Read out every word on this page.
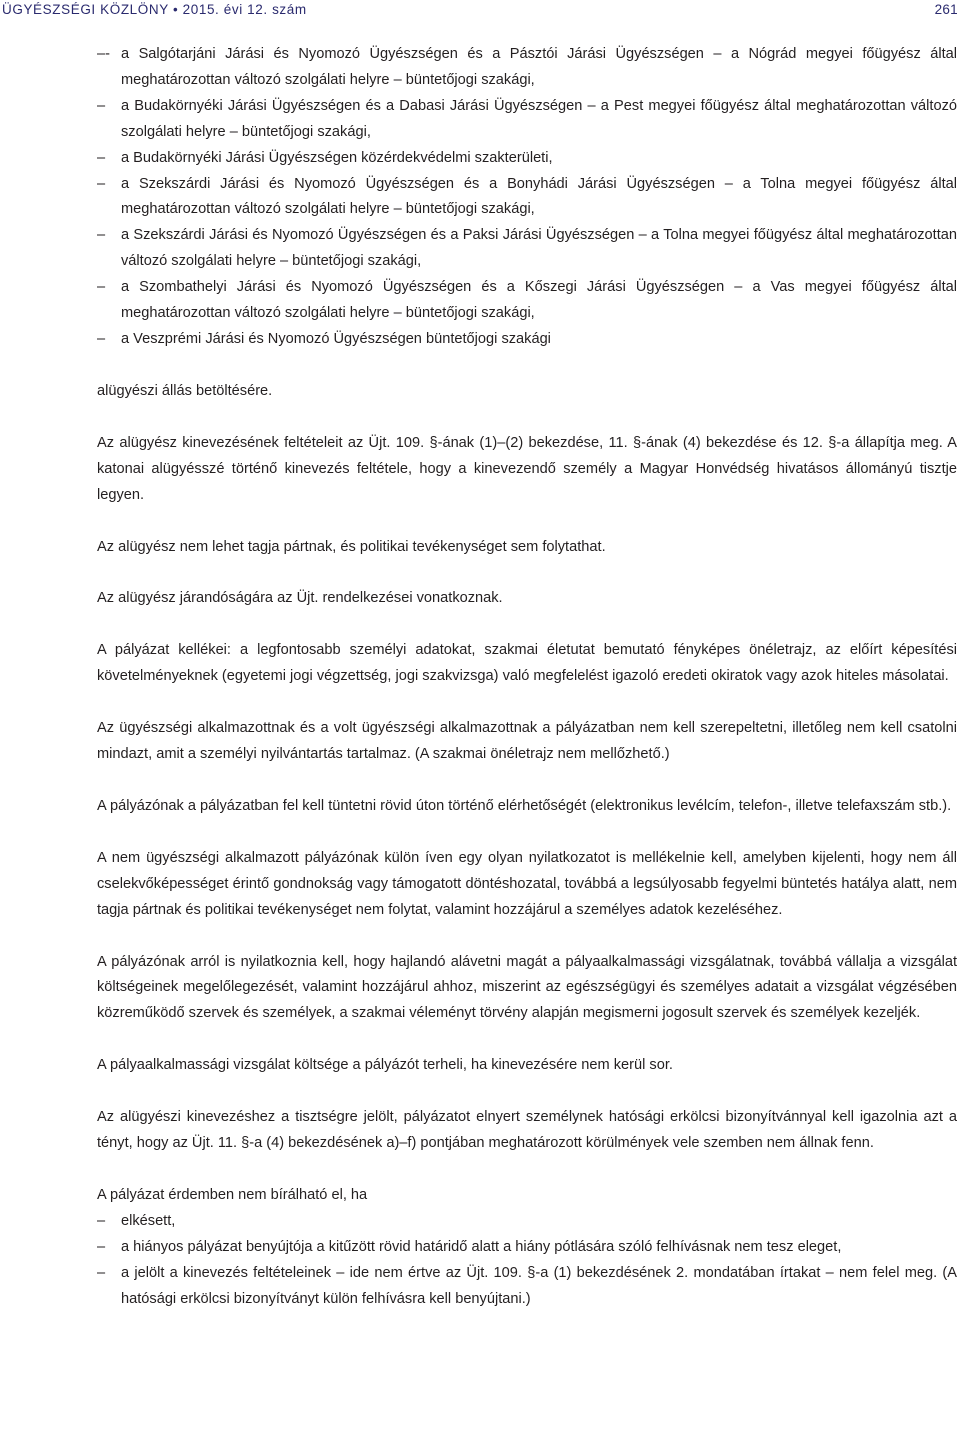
ÜGYÉSZSÉGI KÖZLÖNY • 2015. évi 12. szám	261
–- a Salgótarjáni Járási és Nyomozó Ügyészségen és a Pásztói Járási Ügyészségen – a Nógrád megyei főügyész által meghatározottan változó szolgálati helyre – büntetőjogi szakági,
– a Budakörnyéki Járási Ügyészségen és a Dabasi Járási Ügyészségen – a Pest megyei főügyész által meghatározottan változó szolgálati helyre – büntetőjogi szakági,
– a Budakörnyéki Járási Ügyészségen közérdekvédelmi szakterületi,
– a Szekszárdi Járási és Nyomozó Ügyészségen és a Bonyhádi Járási Ügyészségen – a Tolna megyei főügyész által meghatározottan változó szolgálati helyre – büntetőjogi szakági,
– a Szekszárdi Járási és Nyomozó Ügyészségen és a Paksi Járási Ügyészségen – a Tolna megyei főügyész által meghatározottan változó szolgálati helyre – büntetőjogi szakági,
– a Szombathelyi Járási és Nyomozó Ügyészségen és a Kőszegi Járási Ügyészségen – a Vas megyei főügyész által meghatározottan változó szolgálati helyre – büntetőjogi szakági,
– a Veszprémi Járási és Nyomozó Ügyészségen büntetőjogi szakági

alügyészi állás betöltésére.

Az alügyész kinevezésének feltételeit az Üjt. 109. §-ának (1)–(2) bekezdése, 11. §-ának (4) bekezdése és 12. §-a állapítja meg. A katonai alügyésszé történő kinevezés feltétele, hogy a kinevezendő személy a Magyar Honvédség hivatásos állományú tisztje legyen.

Az alügyész nem lehet tagja pártnak, és politikai tevékenységet sem folytathat.

Az alügyész járandóságára az Üjt. rendelkezései vonatkoznak.

A pályázat kellékei: a legfontosabb személyi adatokat, szakmai életutat bemutató fényképes önéletrajz, az előírt képesítési követelményeknek (egyetemi jogi végzettség, jogi szakvizsga) való megfelelést igazoló eredeti okiratok vagy azok hiteles másolatai.

Az ügyészségi alkalmazottnak és a volt ügyészségi alkalmazottnak a pályázatban nem kell szerepeltetni, illetőleg nem kell csatolni mindazt, amit a személyi nyilvántartás tartalmaz. (A szakmai önéletrajz nem mellőzhető.)

A pályázónak a pályázatban fel kell tüntetni rövid úton történő elérhetőségét (elektronikus levélcím, telefon-, illetve telefaxszám stb.).

A nem ügyészségi alkalmazott pályázónak külön íven egy olyan nyilatkozatot is mellékelnie kell, amelyben kijelenti, hogy nem áll cselekvőképességet érintő gondnokság vagy támogatott döntéshozatal, továbbá a legsúlyosabb fegyelmi büntetés hatálya alatt, nem tagja pártnak és politikai tevékenységet nem folytat, valamint hozzájárul a személyes adatok kezeléséhez.

A pályázónak arról is nyilatkoznia kell, hogy hajlandó alávetni magát a pályaalkalmassági vizsgálatnak, továbbá vállalja a vizsgálat költségeinek megelőlegezését, valamint hozzájárul ahhoz, miszerint az egészségügyi és személyes adatait a vizsgálat végzésében közreműködő szervek és személyek, a szakmai véleményt törvény alapján megismerni jogosult szervek és személyek kezeljék.

A pályaalkalmassági vizsgálat költsége a pályázót terheli, ha kinevezésére nem kerül sor.

Az alügyészi kinevezéshez a tisztségre jelölt, pályázatot elnyert személynek hatósági erkölcsi bizonyítvánnyal kell igazolnia azt a tényt, hogy az Üjt. 11. §-a (4) bekezdésének a)–f) pontjában meghatározott körülmények vele szemben nem állnak fenn.

A pályázat érdemben nem bírálható el, ha

– elkésett,
– a hiányos pályázat benyújtója a kitűzött rövid határidő alatt a hiány pótlására szóló felhívásnak nem tesz eleget,
– a jelölt a kinevezés feltételeinek – ide nem értve az Üjt. 109. §-a (1) bekezdésének 2. mondatában írtakat – nem felel meg. (A hatósági erkölcsi bizonyítványt külön felhívásra kell benyújtani.)
